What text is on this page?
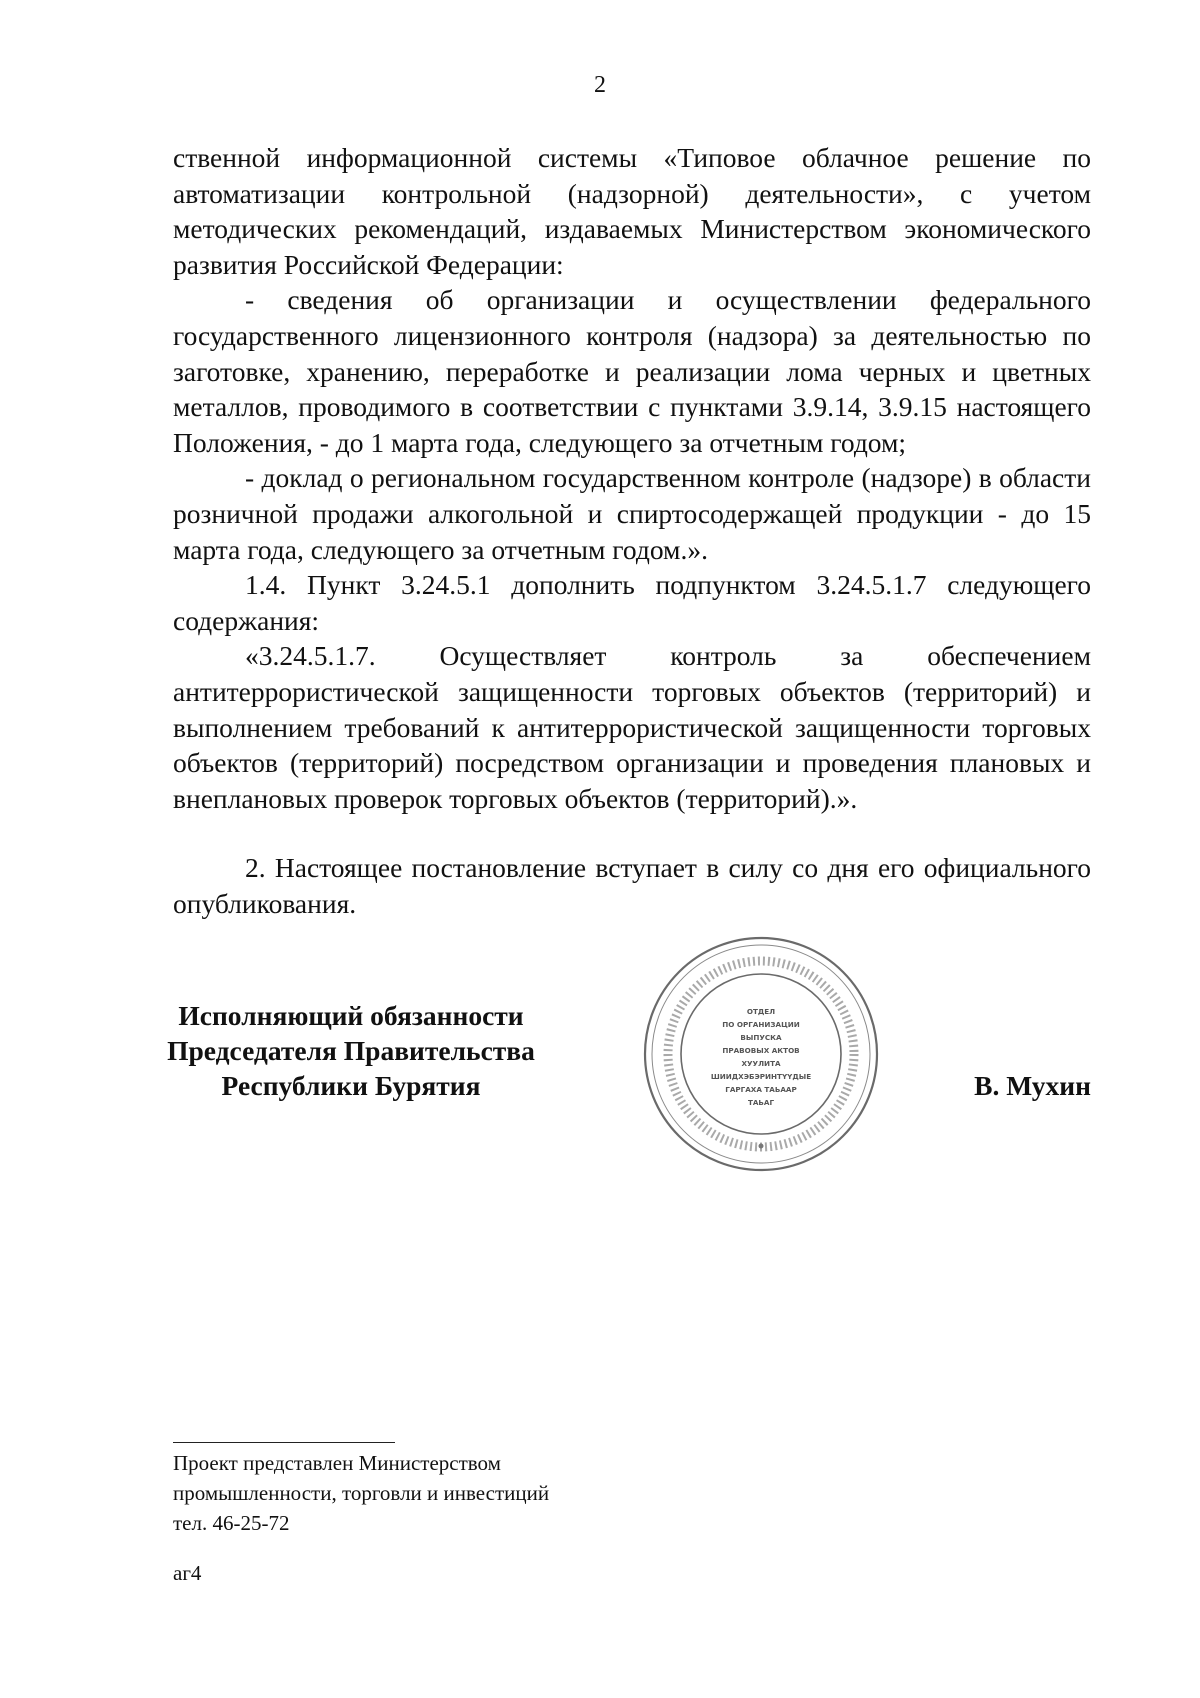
2

ственной информационной системы «Типовое облачное решение по автоматизации контрольной (надзорной) деятельности», с учетом методических рекомендаций, издаваемых Министерством экономического развития Российской Федерации:

- сведения об организации и осуществлении федерального государственного лицензионного контроля (надзора) за деятельностью по заготовке, хранению, переработке и реализации лома черных и цветных металлов, проводимого в соответствии с пунктами 3.9.14, 3.9.15 настоящего Положения, - до 1 марта года, следующего за отчетным годом;

- доклад о региональном государственном контроле (надзоре) в области розничной продажи алкогольной и спиртосодержащей продукции - до 15 марта года, следующего за отчетным годом.».

1.4. Пункт 3.24.5.1 дополнить подпунктом 3.24.5.1.7 следующего содержания:

«3.24.5.1.7. Осуществляет контроль за обеспечением антитеррористической защищенности торговых объектов (территорий) и выполнением требований к антитеррористической защищенности торговых объектов (территорий) посредством организации и проведения плановых и внеплановых проверок торговых объектов (территорий).».

2. Настоящее постановление вступает в силу со дня его официального опубликования.

Исполняющий обязанности
Председателя Правительства
Республики Бурятия
ОТДЕЛ
ПО ОРГАНИЗАЦИИ
ВЫПУСКА
ПРАВОВЫХ АКТОВ
ХУУЛИТА
ШИИДХЭБЭРИНТҮҮДЫЕ
ГАРГАХА ТАЬААР
ТАЬАГ
В. Мухин
Проект представлен Министерством
промышленности, торговли и инвестиций
тел. 46-25-72
аг4
